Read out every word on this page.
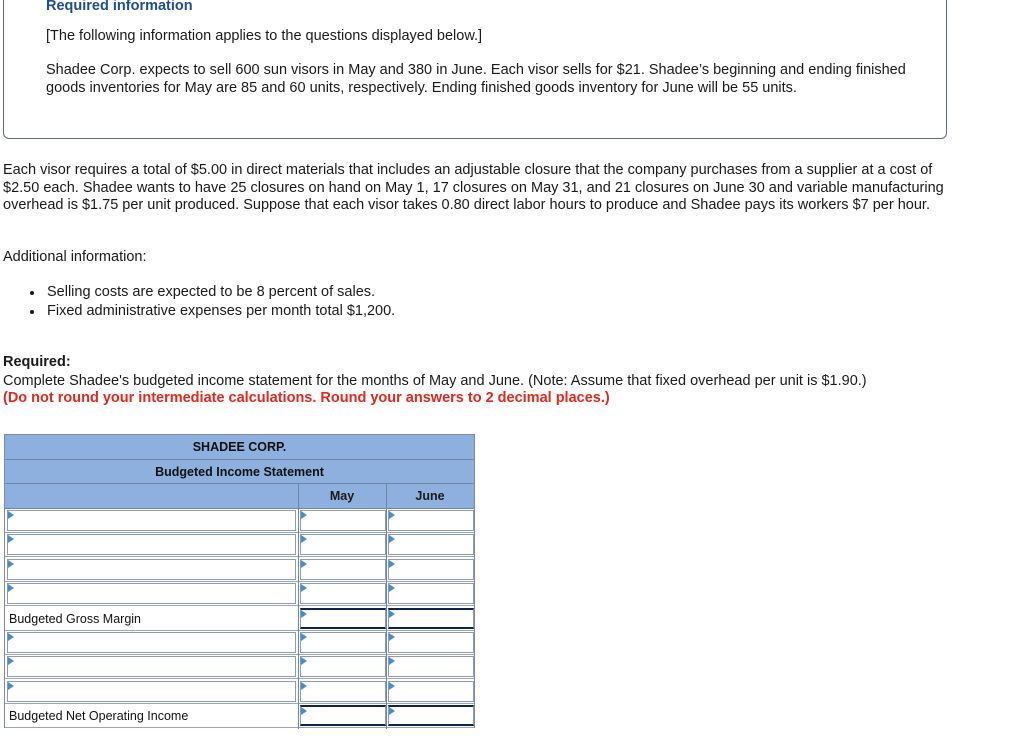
Required information
[The following information applies to the questions displayed below.]
Shadee Corp. expects to sell 600 sun visors in May and 380 in June. Each visor sells for $21. Shadee’s beginning and ending finished goods inventories for May are 85 and 60 units, respectively. Ending finished goods inventory for June will be 55 units.
Each visor requires a total of $5.00 in direct materials that includes an adjustable closure that the company purchases from a supplier at a cost of $2.50 each. Shadee wants to have 25 closures on hand on May 1, 17 closures on May 31, and 21 closures on June 30 and variable manufacturing overhead is $1.75 per unit produced. Suppose that each visor takes 0.80 direct labor hours to produce and Shadee pays its workers $7 per hour.
Additional information:
Selling costs are expected to be 8 percent of sales.
Fixed administrative expenses per month total $1,200.
Required:
Complete Shadee's budgeted income statement for the months of May and June. (Note: Assume that fixed overhead per unit is $1.90.)
(Do not round your intermediate calculations. Round your answers to 2 decimal places.)
SHADEE CORP.
Budgeted Income Statement
May	June
Budgeted Gross Margin
Budgeted Net Operating Income
